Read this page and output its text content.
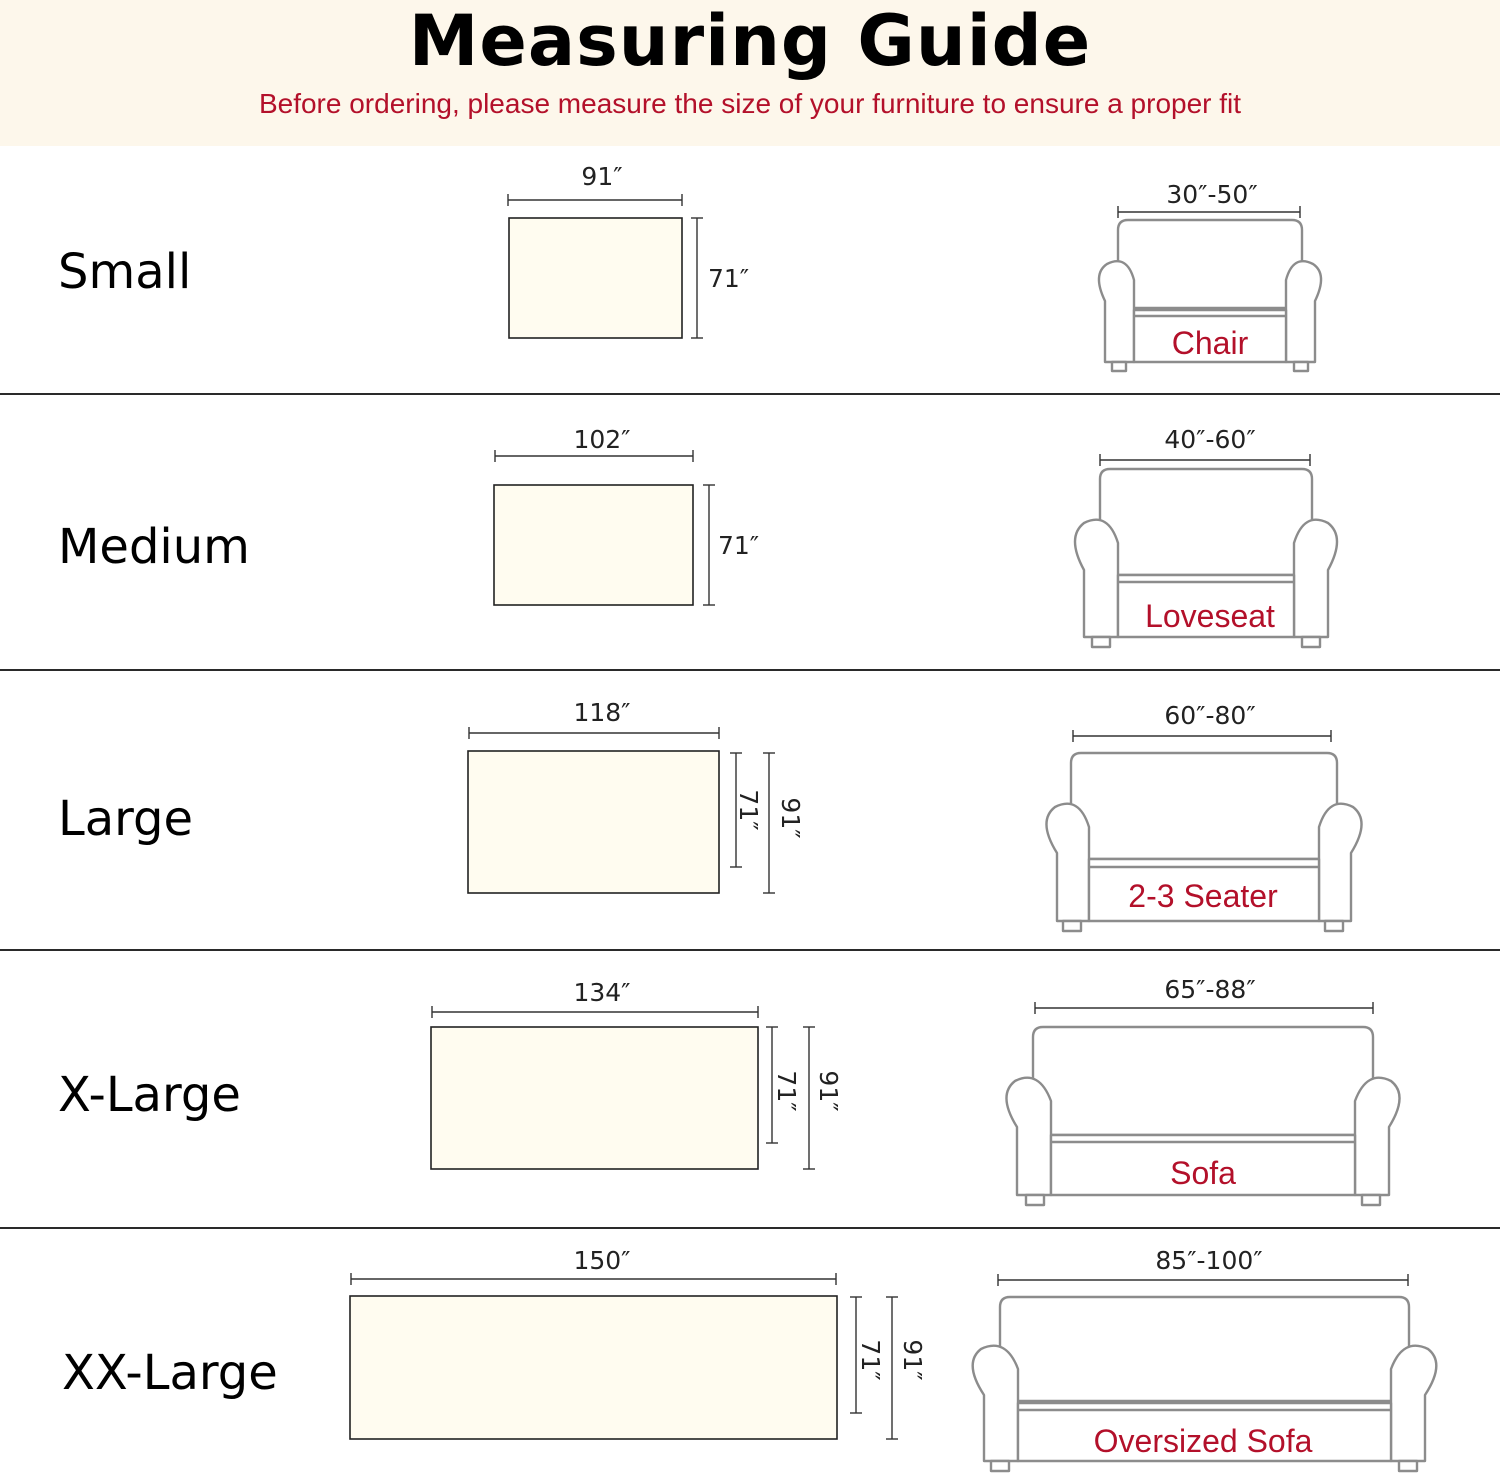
Measuring Guide
Before ordering, please measure the size of your furniture to ensure a proper fit
Small
91″
71″
30″-50″
Chair
Medium
102″
71″
40″-60″
Loveseat
Large
118″
71″ 91″
60″-80″
2-3 Seater
X-Large
134″
71″ 91″
65″-88″
Sofa
XX-Large
150″
71″ 91″
85″-100″
Oversized Sofa
